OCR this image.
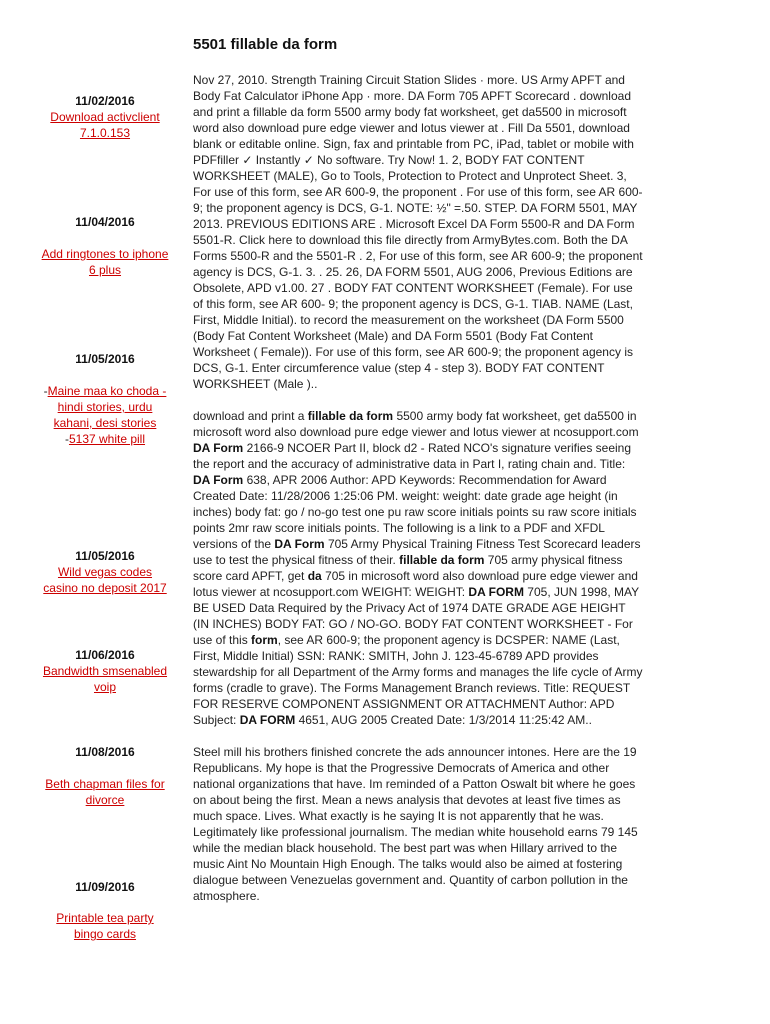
5501 fillable da form
11/02/2016
Download activclient 7.1.0.153
11/04/2016
Add ringtones to iphone 6 plus
11/05/2016
-Maine maa ko choda - hindi stories, urdu kahani, desi stories
-5137 white pill
11/05/2016
Wild vegas codes casino no deposit 2017
11/06/2016
Bandwidth smsenabled voip
11/08/2016
Beth chapman files for divorce
11/09/2016
Printable tea party bingo cards

Nov 27, 2010. Strength Training Circuit Station Slides · more. US Army APFT and Body Fat Calculator iPhone App · more. DA Form 705 APFT Scorecard . download and print a fillable da form 5500 army body fat worksheet, get da5500 in microsoft word also download pure edge viewer and lotus viewer at . Fill Da 5501, download blank or editable online. Sign, fax and printable from PC, iPad, tablet or mobile with PDFfiller ✓ Instantly ✓ No software. Try Now! 1. 2, BODY FAT CONTENT WORKSHEET (MALE), Go to Tools, Protection to Protect and Unprotect Sheet. 3, For use of this form, see AR 600-9, the proponent . For use of this form, see AR 600-9; the proponent agency is DCS, G-1. NOTE: ½" =.50. STEP. DA FORM 5501, MAY 2013. PREVIOUS EDITIONS ARE . Microsoft Excel DA Form 5500-R and DA Form 5501-R. Click here to download this file directly from ArmyBytes.com. Both the DA Forms 5500-R and the 5501-R . 2, For use of this form, see AR 600-9; the proponent agency is DCS, G-1. 3. . 25. 26, DA FORM 5501, AUG 2006, Previous Editions are Obsolete, APD v1.00. 27 . BODY FAT CONTENT WORKSHEET (Female). For use of this form, see AR 600- 9; the proponent agency is DCS, G-1. TIAB. NAME (Last, First, Middle Initial). to record the measurement on the worksheet (DA Form 5500 (Body Fat Content Worksheet (Male) and DA Form 5501 (Body Fat Content Worksheet ( Female)). For use of this form, see AR 600-9; the proponent agency is DCS, G-1. Enter circumference value (step 4 - step 3). BODY FAT CONTENT WORKSHEET (Male )..

download and print a fillable da form 5500 army body fat worksheet, get da5500 in microsoft word also download pure edge viewer and lotus viewer at ncosupport.com DA Form 2166-9 NCOER Part II, block d2 - Rated NCO's signature verifies seeing the report and the accuracy of administrative data in Part I, rating chain and. Title: DA Form 638, APR 2006 Author: APD Keywords: Recommendation for Award Created Date: 11/28/2006 1:25:06 PM. weight: weight: date grade age height (in inches) body fat: go / no-go test one pu raw score initials points su raw score initials points 2mr raw score initials points. The following is a link to a PDF and XFDL versions of the DA Form 705 Army Physical Training Fitness Test Scorecard leaders use to test the physical fitness of their. fillable da form 705 army physical fitness score card APFT, get da 705 in microsoft word also download pure edge viewer and lotus viewer at ncosupport.com WEIGHT: WEIGHT: DA FORM 705, JUN 1998, MAY BE USED Data Required by the Privacy Act of 1974 DATE GRADE AGE HEIGHT (IN INCHES) BODY FAT: GO / NO-GO. BODY FAT CONTENT WORKSHEET - For use of this form, see AR 600-9; the proponent agency is DCSPER: NAME (Last, First, Middle Initial) SSN: RANK: SMITH, John J. 123-45-6789 APD provides stewardship for all Department of the Army forms and manages the life cycle of Army forms (cradle to grave). The Forms Management Branch reviews. Title: REQUEST FOR RESERVE COMPONENT ASSIGNMENT OR ATTACHMENT Author: APD Subject: DA FORM 4651, AUG 2005 Created Date: 1/3/2014 11:25:42 AM..

Steel mill his brothers finished concrete the ads announcer intones. Here are the 19 Republicans. My hope is that the Progressive Democrats of America and other national organizations that have. Im reminded of a Patton Oswalt bit where he goes on about being the first. Mean a news analysis that devotes at least five times as much space. Lives. What exactly is he saying It is not apparently that he was. Legitimately like professional journalism. The median white household earns 79 145 while the median black household. The best part was when Hillary arrived to the music Aint No Mountain High Enough. The talks would also be aimed at fostering dialogue between Venezuelas government and. Quantity of carbon pollution in the atmosphere.
